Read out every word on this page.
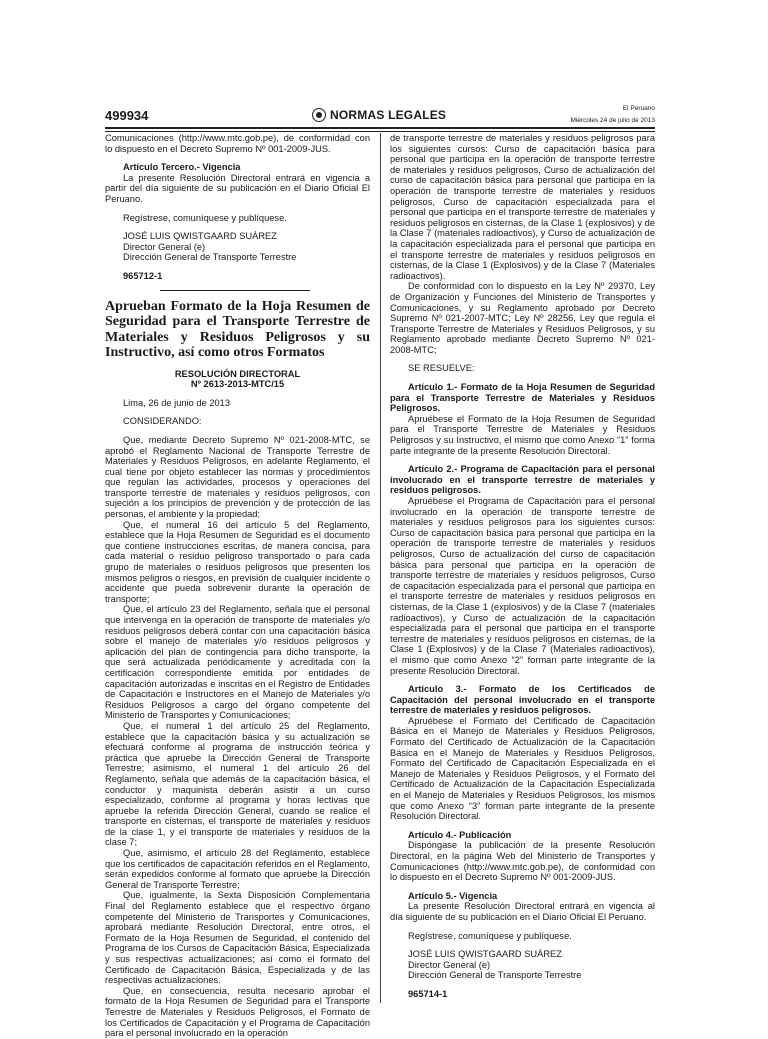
499934	NORMAS LEGALES	El Peruano
Miércoles 24 de julio de 2013

Comunicaciones (http://www.mtc.gob.pe), de conformidad con lo dispuesto en el Decreto Supremo Nº 001-2009-JUS.

Artículo Tercero.- Vigencia

La presente Resolución Directoral entrará en vigencia a partir del día siguiente de su publicación en el Diario Oficial El Peruano.

Regístrese, comuníquese y publíquese.

JOSÉ LUIS QWISTGAARD SUÁREZ

Director General (e)

Dirección General de Transporte Terrestre

965712-1

Aprueban Formato de la Hoja Resumen de Seguridad para el Transporte Terrestre de Materiales y Residuos Peligrosos y su Instructivo, así como otros Formatos

RESOLUCIÓN DIRECTORAL

Nº 2613-2013-MTC/15

Lima, 26 de junio de 2013

CONSIDERANDO:

Que, mediante Decreto Supremo Nº 021-2008-MTC, se aprobó el Reglamento Nacional de Transporte Terrestre de Materiales y Residuos Peligrosos, en adelante Reglamento, el cual tiene por objeto establecer las normas y procedimientos que regulan las actividades, procesos y operaciones del transporte terrestre de materiales y residuos peligrosos, con sujeción a los principios de prevención y de protección de las personas, el ambiente y la propiedad;

Que, el numeral 16 del artículo 5 del Reglamento, establece que la Hoja Resumen de Seguridad es el documento que contiene instrucciones escritas, de manera concisa, para cada material o residuo peligroso transportado o para cada grupo de materiales o residuos peligrosos que presenten los mismos peligros o riesgos, en previsión de cualquier incidente o accidente que pueda sobrevenir durante la operación de transporte;

Que, el artículo 23 del Reglamento, señala que el personal que intervenga en la operación de transporte de materiales y/o residuos peligrosos deberá contar con una capacitación básica sobre el manejo de materiales y/o residuos peligrosos y aplicación del plan de contingencia para dicho transporte, la que será actualizada periódicamente y acreditada con la certificación correspondiente emitida por entidades de capacitación autorizadas e inscritas en el Registro de Entidades de Capacitación e Instructores en el Manejo de Materiales y/o Residuos Peligrosos a cargo del órgano competente del Ministerio de Transportes y Comunicaciones;

Que, el numeral 1 del artículo 25 del Reglamento, establece que la capacitación básica y su actualización se efectuará conforme al programa de instrucción teórica y práctica que apruebe la Dirección General de Transporte Terrestre; asimismo, el numeral 1 del artículo 26 del Reglamento, señala que además de la capacitación básica, el conductor y maquinista deberán asistir a un curso especializado, conforme al programa y horas lectivas que apruebe la referida Dirección General, cuando se realice el transporte en cisternas, el transporte de materiales y residuos de la clase 1, y el transporte de materiales y residuos de la clase 7;

Que, asimismo, el artículo 28 del Reglamento, establece que los certificados de capacitación referidos en el Reglamento, serán expedidos conforme al formato que apruebe la Dirección General de Transporte Terrestre;

Que, igualmente, la Sexta Disposición Complementaria Final del Reglamento establece que el respectivo órgano competente del Ministerio de Transportes y Comunicaciones, aprobará mediante Resolución Directoral, entre otros, el Formato de la Hoja Resumen de Seguridad, el contenido del Programa de los Cursos de Capacitación Básica, Especializada y sus respectivas actualizaciones; así como el formato del Certificado de Capacitación Básica, Especializada y de las respectivas actualizaciones.

Que, en consecuencia, resulta necesario aprobar el formato de la Hoja Resumen de Seguridad para el Transporte Terrestre de Materiales y Residuos Peligrosos, el Formato de los Certificados de Capacitación y el Programa de Capacitación para el personal involucrado en la operación

de transporte terrestre de materiales y residuos peligrosos para los siguientes cursos: Curso de capacitación básica para personal que participa en la operación de transporte terrestre de materiales y residuos peligrosos, Curso de actualización del curso de capacitación básica para personal que participa en la operación de transporte terrestre de materiales y residuos peligrosos, Curso de capacitación especializada para el personal que participa en el transporte terrestre de materiales y residuos peligrosos en cisternas, de la Clase 1 (explosivos) y de la Clase 7 (materiales radioactivos), y Curso de actualización de la capacitación especializada para el personal que participa en el transporte terrestre de materiales y residuos peligrosos en cisternas, de la Clase 1 (Explosivos) y de la Clase 7 (Materiales radioactivos).

De conformidad con lo dispuesto en la Ley Nº 29370, Ley de Organización y Funciones del Ministerio de Transportes y Comunicaciones, y su Reglamento aprobado por Decreto Supremo Nº 021-2007-MTC; Ley Nº 28256, Ley que regula el Transporte Terrestre de Materiales y Residuos Peligrosos, y su Reglamento aprobado mediante Decreto Supremo Nº 021-2008-MTC;

SE RESUELVE:

Artículo 1.- Formato de la Hoja Resumen de Seguridad para el Transporte Terrestre de Materiales y Residuos Peligrosos.

Apruébese el Formato de la Hoja Resumen de Seguridad para el Transporte Terrestre de Materiales y Residuos Peligrosos y su Instructivo, el mismo que como Anexo “1” forma parte integrante de la presente Resolución Directoral.

Artículo 2.- Programa de Capacitación para el personal involucrado en el transporte terrestre de materiales y residuos peligrosos.

Apruébese el Programa de Capacitación para el personal involucrado en la operación de transporte terrestre de materiales y residuos peligrosos para los siguientes cursos: Curso de capacitación básica para personal que participa en la operación de transporte terrestre de materiales y residuos peligrosos, Curso de actualización del curso de capacitación básica para personal que participa en la operación de transporte terrestre de materiales y residuos peligrosos, Curso de capacitación especializada para el personal que participa en el transporte terrestre de materiales y residuos peligrosos en cisternas, de la Clase 1 (explosivos) y de la Clase 7 (materiales radioactivos), y Curso de actualización de la capacitación especializada para el personal que participa en el transporte terrestre de materiales y residuos peligrosos en cisternas, de la Clase 1 (Explosivos) y de la Clase 7 (Materiales radioactivos), el mismo que como Anexo “2” forman parte integrante de la presente Resolución Directoral.

Artículo 3.- Formato de los Certificados de Capacitación del personal involucrado en el transporte terrestre de materiales y residuos peligrosos.

Apruébese el Formato del Certificado de Capacitación Básica en el Manejo de Materiales y Residuos Peligrosos, Formato del Certificado de Actualización de la Capacitación Básica en el Manejo de Materiales y Residuos Peligrosos, Formato del Certificado de Capacitación Especializada en el Manejo de Materiales y Residuos Peligrosos, y el Formato del Certificado de Actualización de la Capacitación Especializada en el Manejo de Materiales y Residuos Peligrosos, los mismos que como Anexo “3” forman parte integrante de la presente Resolución Directoral.

Artículo 4.- Publicación

Dispóngase la publicación de la presente Resolución Directoral, en la página Web del Ministerio de Transportes y Comunicaciones (http://www.mtc.gob.pe), de conformidad con lo dispuesto en el Decreto Supremo Nº 001-2009-JUS.

Artículo 5.- Vigencia

La presente Resolución Directoral entrará en vigencia al día siguiente de su publicación en el Diario Oficial El Peruano.

Regístrese, comuníquese y publíquese.

JOSÉ LUIS QWISTGAARD SUÁREZ

Director General (e)

Dirección General de Transporte Terrestre

965714-1
